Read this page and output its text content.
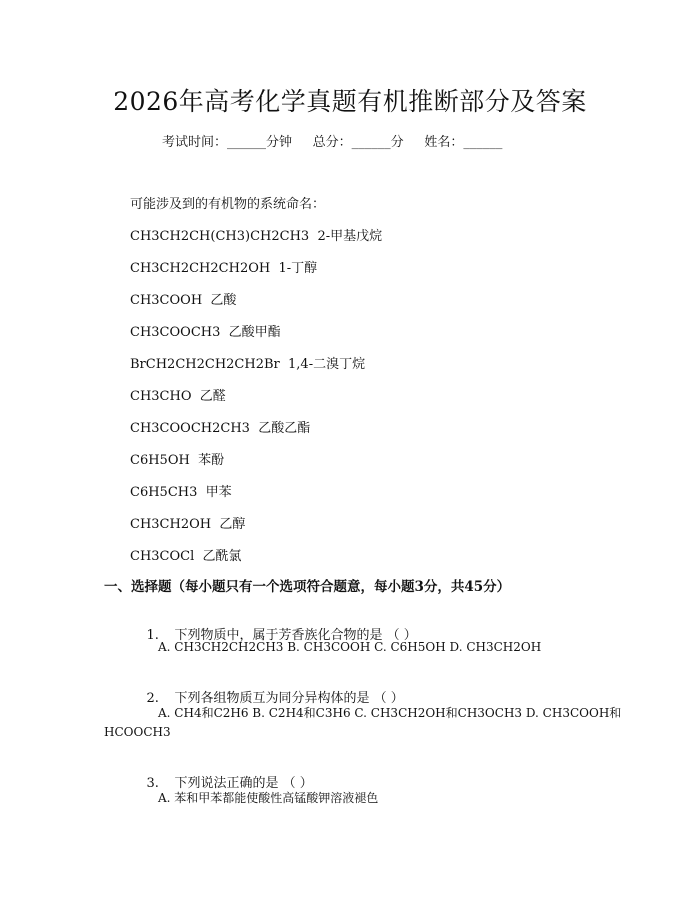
2026年高考化学真题有机推断部分及答案
考试时间：______分钟     总分：______分     姓名：______
可能涉及到的有机物的系统命名：
CH3CH2CH(CH3)CH2CH3  2-甲基戊烷
CH3CH2CH2CH2OH  1-丁醇
CH3COOH  乙酸
CH3COOCH3  乙酸甲酯
BrCH2CH2CH2CH2Br  1,4-二溴丁烷
CH3CHO  乙醛
CH3COOCH2CH3  乙酸乙酯
C6H5OH  苯酚
C6H5CH3  甲苯
CH3CH2OH  乙醇
CH3COCl  乙酰氯
一、选择题（每小题只有一个选项符合题意，每小题3分，共45分）

1. 下列物质中，属于芳香族化合物的是 （ ）

A. CH3CH2CH2CH3 B. CH3COOH C. C6H5OH D. CH3CH2OH

2. 下列各组物质互为同分异构体的是 （ ）

A. CH4和C2H6 B. C2H4和C3H6 C. CH3CH2OH和CH3OCH3 D. CH3COOH和
HCOOCH3

3. 下列说法正确的是 （ ）

A. 苯和甲苯都能使酸性高锰酸钾溶液褪色
